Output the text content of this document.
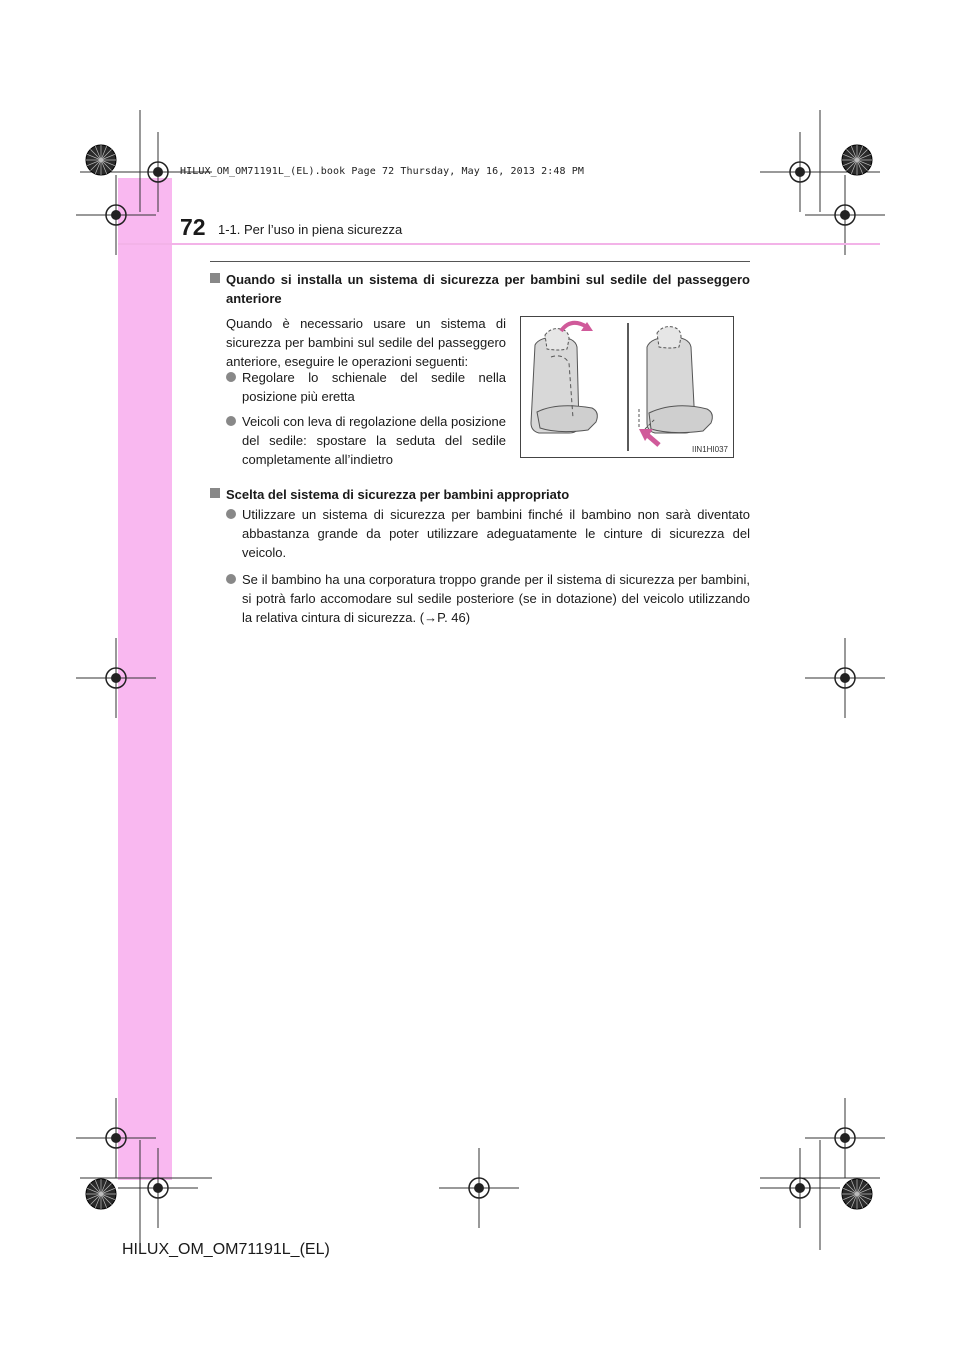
HILUX_OM_OM71191L_(EL).book Page 72 Thursday, May 16, 2013 2:48 PM
72 1-1. Per l’uso in piena sicurezza
Quando si installa un sistema di sicurezza per bambini sul sedile del passeggero anteriore
Quando è necessario usare un sistema di sicurezza per bambini sul sedile del passeggero anteriore, eseguire le operazioni seguenti:
Regolare lo schienale del sedile nella posizione più eretta
Veicoli con leva di regolazione della posizione del sedile: spostare la seduta del sedile completamente all’indietro
IIN1HI037
Scelta del sistema di sicurezza per bambini appropriato
Utilizzare un sistema di sicurezza per bambini finché il bambino non sarà diventato abbastanza grande da poter utilizzare adeguatamente le cinture di sicurezza del veicolo.
Se il bambino ha una corporatura troppo grande per il sistema di sicurezza per bambini, si potrà farlo accomodare sul sedile posteriore (se in dotazione) del veicolo utilizzando la relativa cintura di sicurezza. (→P. 46)
HILUX_OM_OM71191L_(EL)
